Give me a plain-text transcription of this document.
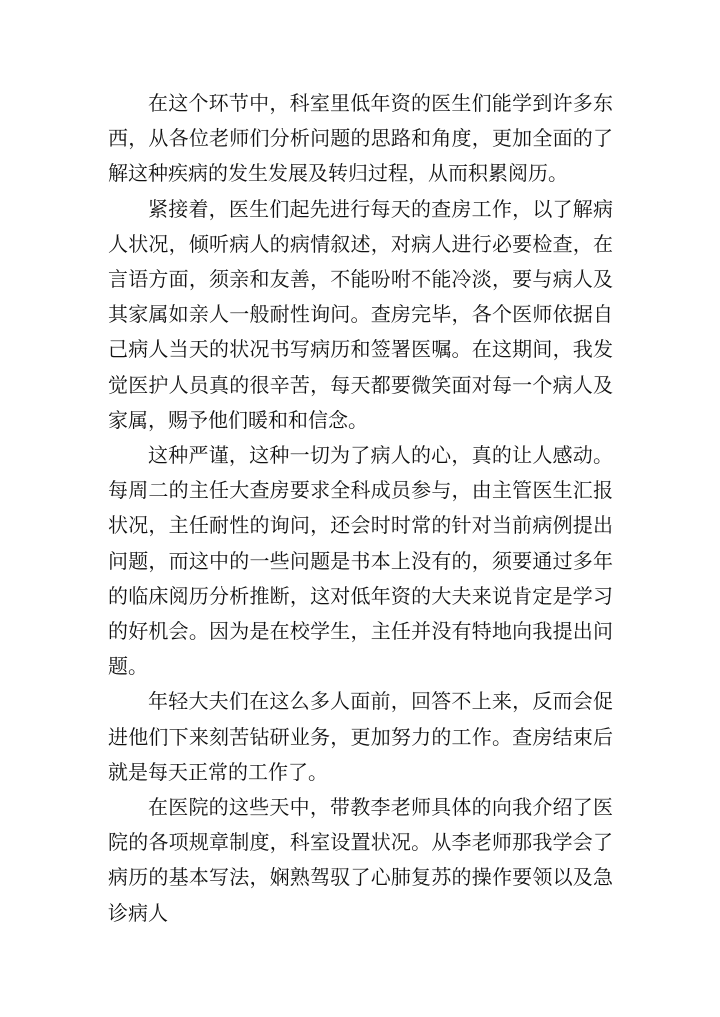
在这个环节中，科室里低年资的医生们能学到许多东西，从各位老师们分析问题的思路和角度，更加全面的了解这种疾病的发生发展及转归过程，从而积累阅历。

紧接着，医生们起先进行每天的查房工作，以了解病人状况，倾听病人的病情叙述，对病人进行必要检查，在言语方面，须亲和友善，不能吩咐不能冷淡，要与病人及其家属如亲人一般耐性询问。查房完毕，各个医师依据自己病人当天的状况书写病历和签署医嘱。在这期间，我发觉医护人员真的很辛苦，每天都要微笑面对每一个病人及家属，赐予他们暖和和信念。

这种严谨，这种一切为了病人的心，真的让人感动。每周二的主任大查房要求全科成员参与，由主管医生汇报状况，主任耐性的询问，还会时时常的针对当前病例提出问题，而这中的一些问题是书本上没有的，须要通过多年的临床阅历分析推断，这对低年资的大夫来说肯定是学习的好机会。因为是在校学生，主任并没有特地向我提出问题。

年轻大夫们在这么多人面前，回答不上来，反而会促进他们下来刻苦钻研业务，更加努力的工作。查房结束后就是每天正常的工作了。

在医院的这些天中，带教李老师具体的向我介绍了医院的各项规章制度，科室设置状况。从李老师那我学会了病历的基本写法，娴熟驾驭了心肺复苏的操作要领以及急诊病人
